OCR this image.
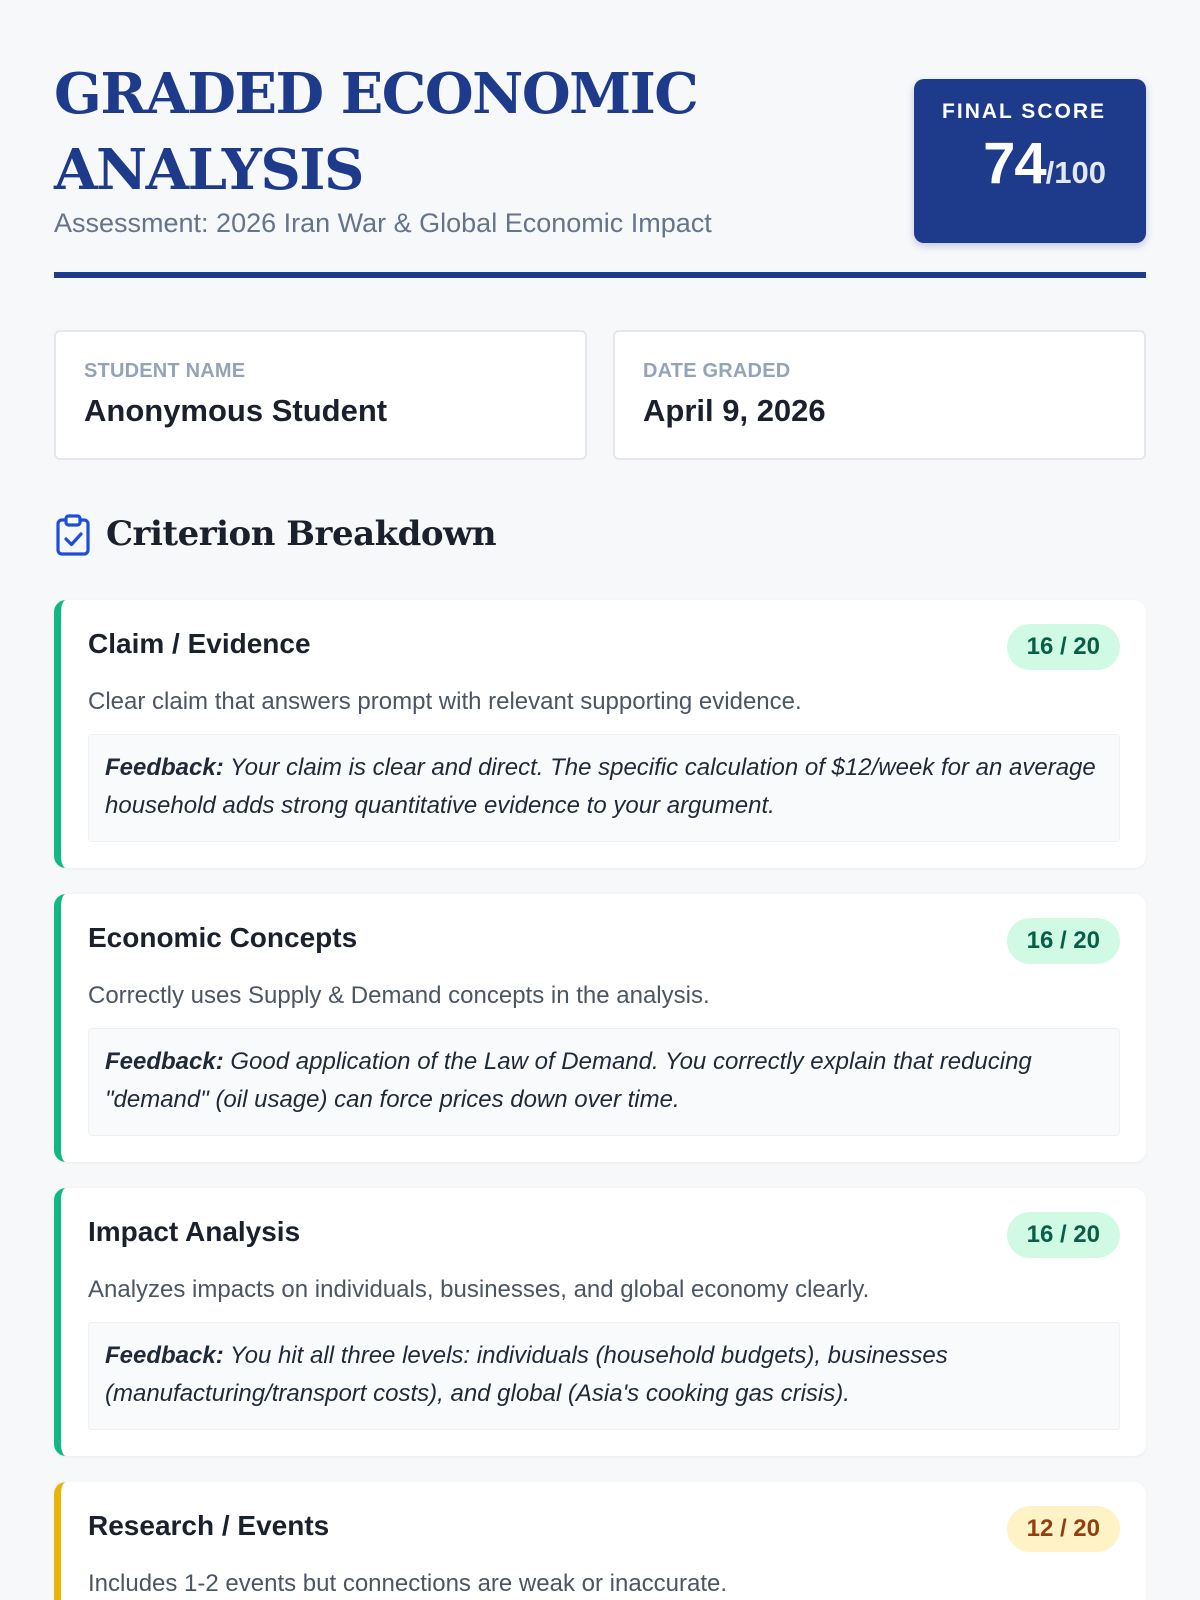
GRADED ECONOMIC ANALYSIS
Assessment: 2026 Iran War & Global Economic Impact
FINAL SCORE
74/100
STUDENT NAME
Anonymous Student
DATE GRADED
April 9, 2026
Criterion Breakdown
Claim / Evidence	16 / 20
Clear claim that answers prompt with relevant supporting evidence.
Feedback: Your claim is clear and direct. The specific calculation of $12/week for an average household adds strong quantitative evidence to your argument.
Economic Concepts	16 / 20
Correctly uses Supply & Demand concepts in the analysis.
Feedback: Good application of the Law of Demand. You correctly explain that reducing "demand" (oil usage) can force prices down over time.
Impact Analysis	16 / 20
Analyzes impacts on individuals, businesses, and global economy clearly.
Feedback: You hit all three levels: individuals (household budgets), businesses (manufacturing/transport costs), and global (Asia's cooking gas crisis).
Research / Events	12 / 20
Includes 1-2 events but connections are weak or inaccurate.
